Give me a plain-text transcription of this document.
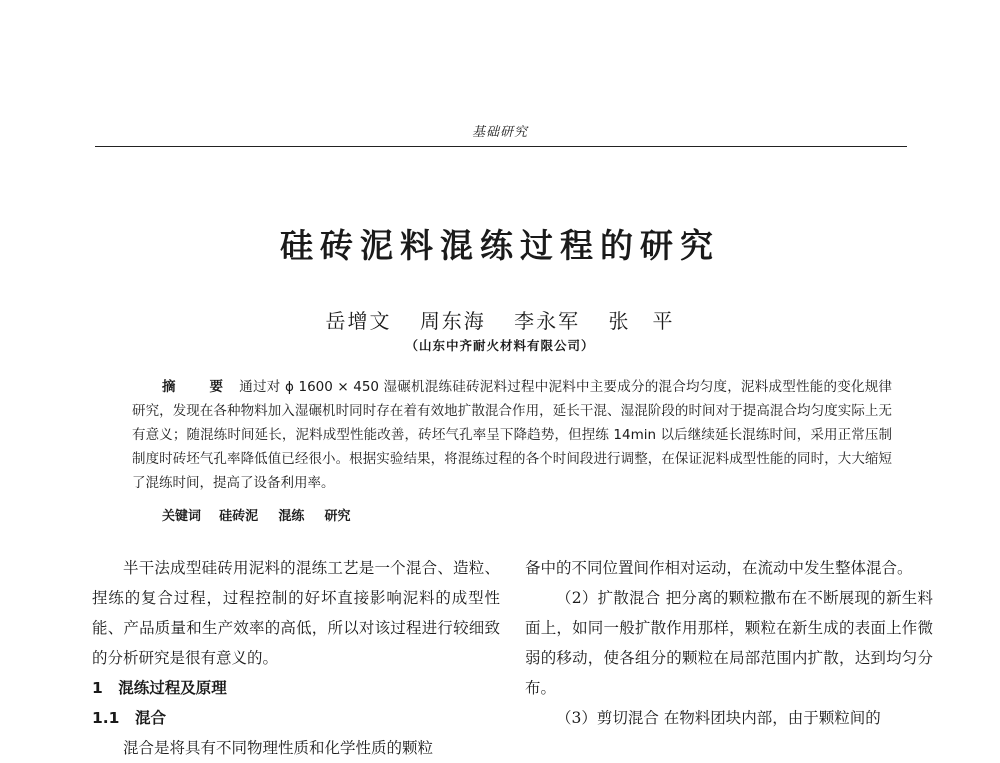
基础研究
硅砖泥料混练过程的研究
岳增文 周东海 李永军 张　平
（山东中齐耐火材料有限公司）
摘　要 通过对 ϕ 1600 × 450 湿碾机混练硅砖泥料过程中泥料中主要成分的混合均匀度，泥料成型性能的变化规律研究，发现在各种物料加入湿碾机时同时存在着有效地扩散混合作用，延长干混、湿混阶段的时间对于提高混合均匀度实际上无有意义；随混练时间延长，泥料成型性能改善，砖坯气孔率呈下降趋势，但捏练 14min 以后继续延长混练时间，采用正常压制制度时砖坯气孔率降低值已经很小。根据实验结果，将混练过程的各个时间段进行调整，在保证泥料成型性能的同时，大大缩短了混练时间，提高了设备利用率。
关键词 硅砖泥 混练 研究

半干法成型硅砖用泥料的混练工艺是一个混合、造粒、捏练的复合过程，过程控制的好坏直接影响泥料的成型性能、产品质量和生产效率的高低，所以对该过程进行较细致的分析研究是很有意义的。

1　混练过程及原理

1.1　混合

混合是将具有不同物理性质和化学性质的颗粒

备中的不同位置间作相对运动，在流动中发生整体混合。

（2）扩散混合 把分离的颗粒撒布在不断展现的新生料面上，如同一般扩散作用那样，颗粒在新生成的表面上作微弱的移动，使各组分的颗粒在局部范围内扩散，达到均匀分布。

（3）剪切混合 在物料团块内部，由于颗粒间的
